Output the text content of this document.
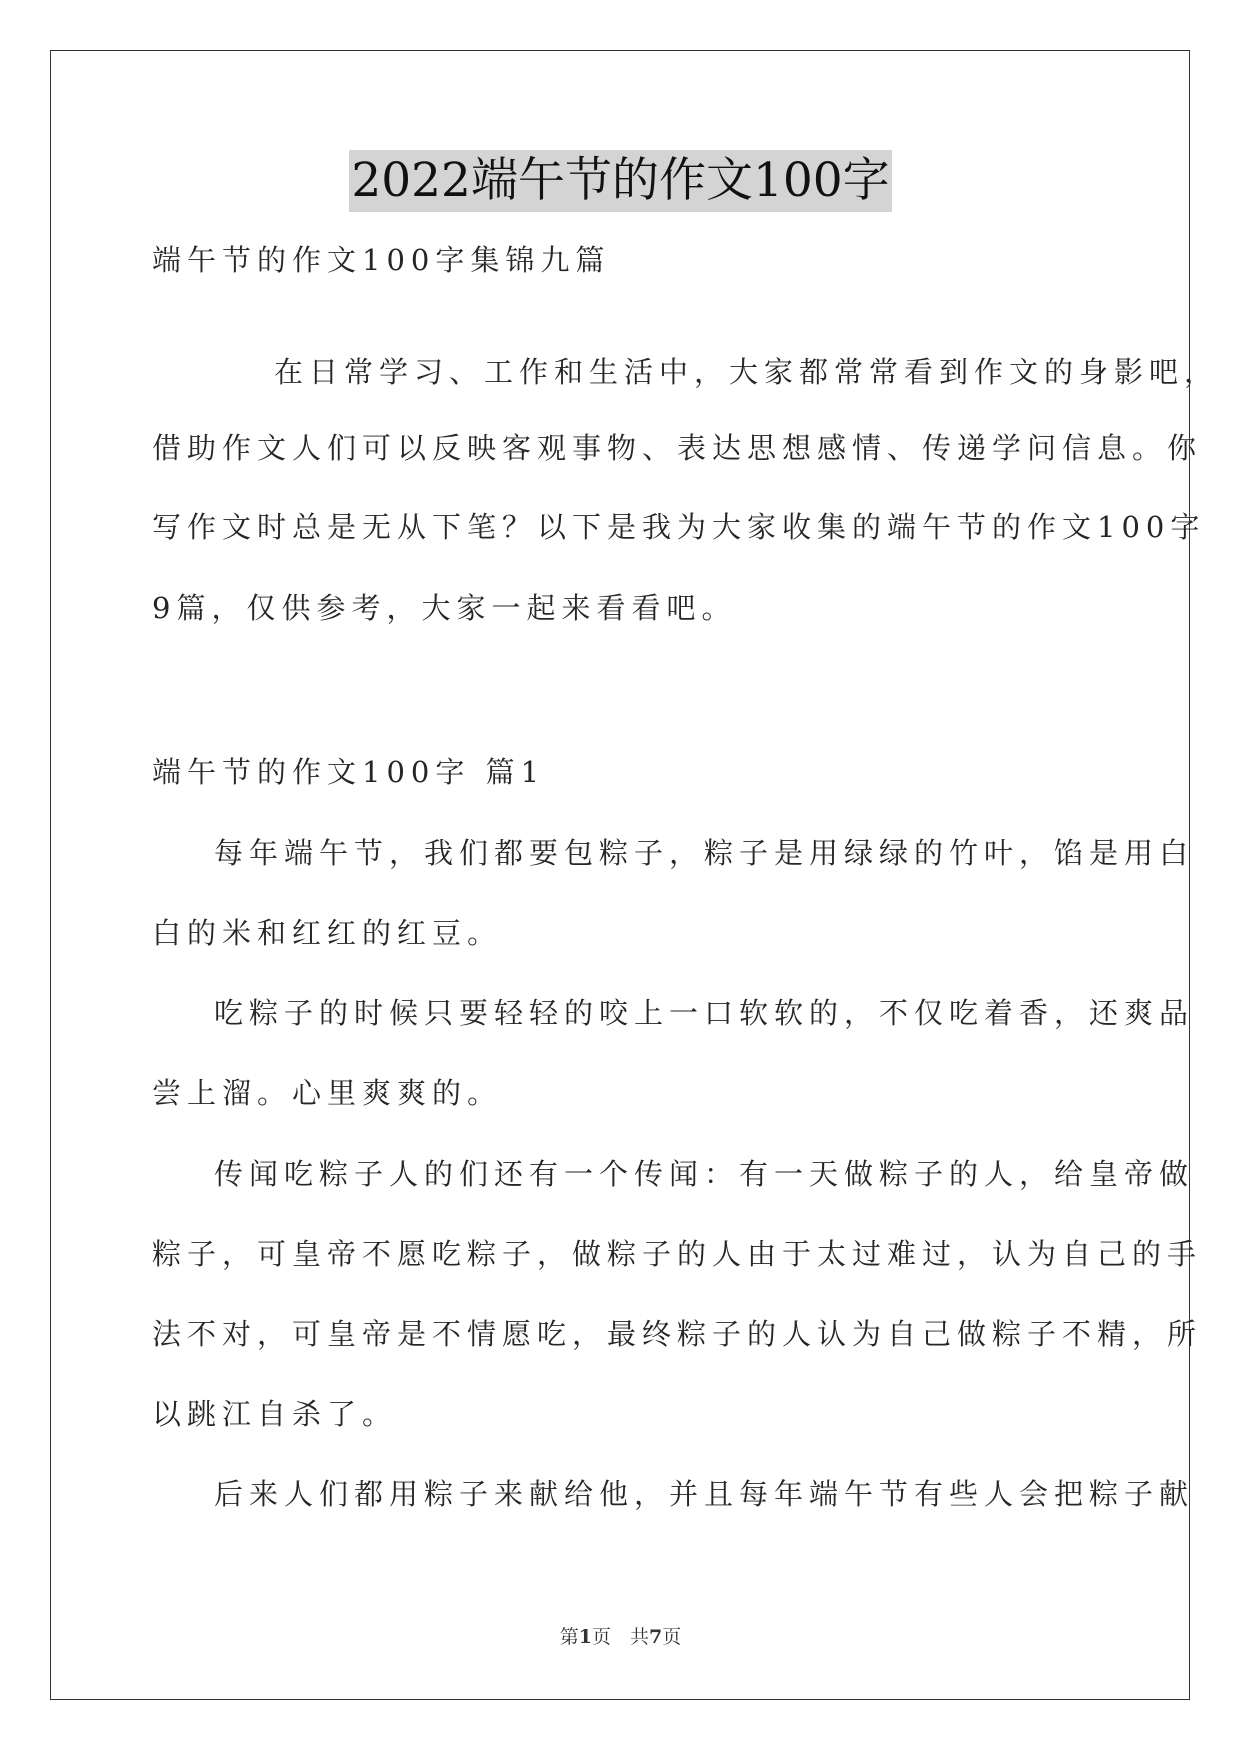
2022端午节的作文100字
端午节的作文100字集锦九篇
在日常学习、工作和生活中，大家都常常看到作文的身影吧，
借助作文人们可以反映客观事物、表达思想感情、传递学问信息。你
写作文时总是无从下笔？以下是我为大家收集的端午节的作文100字
9篇，仅供参考，大家一起来看看吧。
端午节的作文100字 篇1
每年端午节，我们都要包粽子，粽子是用绿绿的竹叶，馅是用白
白的米和红红的红豆。
吃粽子的时候只要轻轻的咬上一口软软的，不仅吃着香，还爽品
尝上溜。心里爽爽的。
传闻吃粽子人的们还有一个传闻：有一天做粽子的人，给皇帝做
粽子，可皇帝不愿吃粽子，做粽子的人由于太过难过，认为自己的手
法不对，可皇帝是不情愿吃，最终粽子的人认为自己做粽子不精，所
以跳江自杀了。
后来人们都用粽子来献给他，并且每年端午节有些人会把粽子献
第1页　共7页
